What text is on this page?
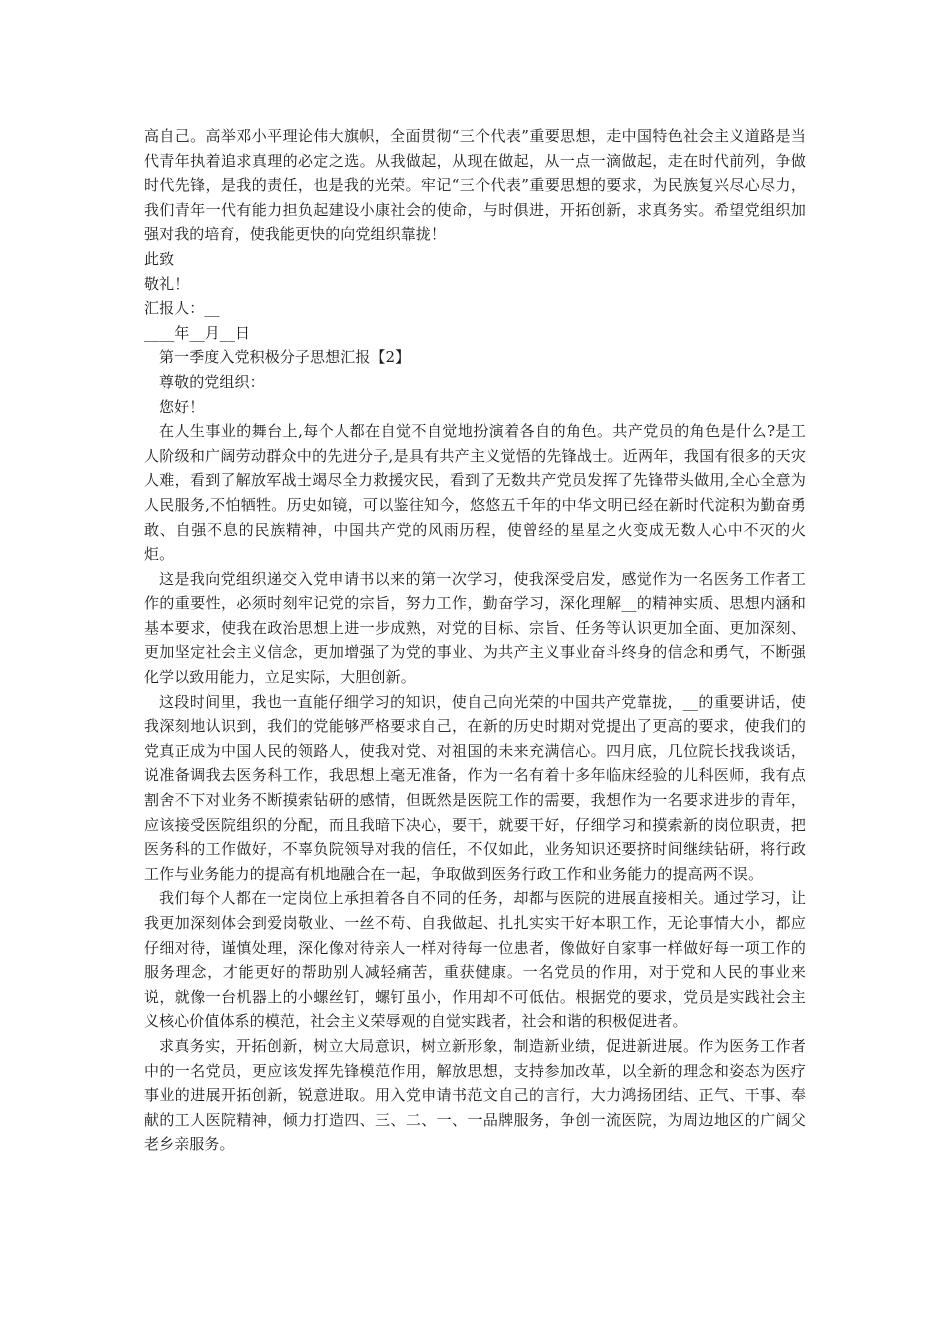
高自己。高举邓小平理论伟大旗帜，全面贯彻“三个代表”重要思想，走中国特色社会主义道路是当代青年执着追求真理的必定之选。从我做起，从现在做起，从一点一滴做起，走在时代前列，争做时代先锋，是我的责任，也是我的光荣。牢记“三个代表”重要思想的要求，为民族复兴尽心尽力，我们青年一代有能力担负起建设小康社会的使命，与时俱进，开拓创新，求真务实。希望党组织加强对我的培育，使我能更快的向党组织靠拢！

此致

敬礼！

汇报人：__

____年__月__日

第一季度入党积极分子思想汇报【2】

尊敬的党组织：

您好！

在人生事业的舞台上,每个人都在自觉不自觉地扮演着各自的角色。共产党员的角色是什么?是工人阶级和广阔劳动群众中的先进分子,是具有共产主义觉悟的先锋战士。近两年，我国有很多的天灾人难，看到了解放军战士竭尽全力救援灾民，看到了无数共产党员发挥了先锋带头做用,全心全意为人民服务,不怕牺牲。历史如镜，可以鉴往知今，悠悠五千年的中华文明已经在新时代淀积为勤奋勇敢、自强不息的民族精神，中国共产党的风雨历程，使曾经的星星之火变成无数人心中不灭的火炬。

这是我向党组织递交入党申请书以来的第一次学习，使我深受启发，感觉作为一名医务工作者工作的重要性，必须时刻牢记党的宗旨，努力工作，勤奋学习，深化理解__的精神实质、思想内涵和基本要求，使我在政治思想上进一步成熟，对党的目标、宗旨、任务等认识更加全面、更加深刻、更加坚定社会主义信念，更加增强了为党的事业、为共产主义事业奋斗终身的信念和勇气，不断强化学以致用能力，立足实际，大胆创新。

这段时间里，我也一直能仔细学习的知识，使自己向光荣的中国共产党靠拢，__的重要讲话，使我深刻地认识到，我们的党能够严格要求自己，在新的历史时期对党提出了更高的要求，使我们的党真正成为中国人民的领路人，使我对党、对祖国的未来充满信心。四月底，几位院长找我谈话，说准备调我去医务科工作，我思想上毫无准备，作为一名有着十多年临床经验的儿科医师，我有点割舍不下对业务不断摸索钻研的感情，但既然是医院工作的需要，我想作为一名要求进步的青年，应该接受医院组织的分配，而且我暗下决心，要干，就要干好，仔细学习和摸索新的岗位职责，把医务科的工作做好，不辜负院领导对我的信任，不仅如此，业务知识还要挤时间继续钻研，将行政工作与业务能力的提高有机地融合在一起，争取做到医务行政工作和业务能力的提高两不误。

我们每个人都在一定岗位上承担着各自不同的任务，却都与医院的进展直接相关。通过学习，让我更加深刻体会到爱岗敬业、一丝不苟、自我做起、扎扎实实干好本职工作，无论事情大小，都应仔细对待，谨慎处理，深化像对待亲人一样对待每一位患者，像做好自家事一样做好每一项工作的服务理念，才能更好的帮助别人减轻痛苦，重获健康。一名党员的作用，对于党和人民的事业来说，就像一台机器上的小螺丝钉，螺钉虽小，作用却不可低估。根据党的要求，党员是实践社会主义核心价值体系的模范，社会主义荣辱观的自觉实践者，社会和谐的积极促进者。

求真务实，开拓创新，树立大局意识，树立新形象，制造新业绩，促进新进展。作为医务工作者中的一名党员，更应该发挥先锋模范作用，解放思想，支持参加改革，以全新的理念和姿态为医疗事业的进展开拓创新，锐意进取。用入党申请书范文自己的言行，大力鸿扬团结、正气、干事、奉献的工人医院精神，倾力打造四、三、二、一、一品牌服务，争创一流医院，为周边地区的广阔父老乡亲服务。
